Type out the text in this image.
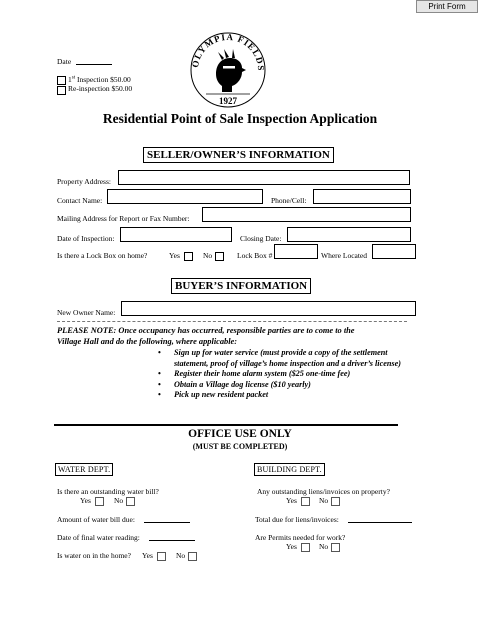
Print Form
Date
1st Inspection $50.00
Re-inspection $50.00
OLYMPIA FIELDS
1927
Residential Point of Sale Inspection Application
SELLER/OWNER’S INFORMATION
Property Address:
Contact Name:	Phone/Cell:
Mailing Address for Report or Fax Number:
Date of Inspection:	Closing Date:
Is there a Lock Box on home?	Yes	No	Lock Box #	Where Located
BUYER’S INFORMATION
New Owner Name:
PLEASE NOTE: Once occupancy has occurred, responsible parties are to come to the
Village Hall and do the following, where applicable:
• Sign up for water service (must provide a copy of the settlement statement, proof of village’s home inspection and a driver’s license)
• Register their home alarm system ($25 one-time fee)
• Obtain a Village dog license ($10 yearly)
• Pick up new resident packet
OFFICE USE ONLY
(MUST BE COMPLETED)
WATER DEPT.	BUILDING DEPT.
Is there an outstanding water bill?
Yes	No
Any outstanding liens/invoices on property?
Yes	No
Amount of water bill due:	Total due for liens/invoices:
Date of final water reading:	Are Permits needed for work?
Yes	No
Is water on in the home? Yes	No
